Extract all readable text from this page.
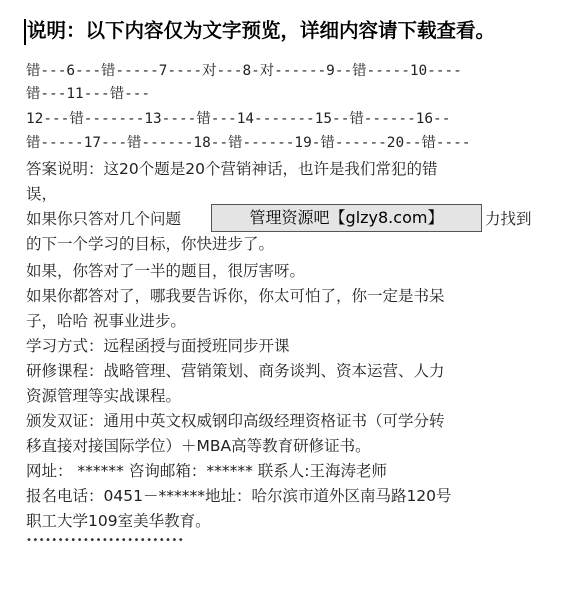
说明：以下内容仅为文字预览，详细内容请下载查看。
错---6---错-----7----对---8-对------9--错-----10----
错---11---错---
12---错-------13----错---14-------15--错------16--
错-----17---错------18--错------19-错------20--错----
答案说明：这20个题是20个营销神话，也许是我们常犯的错
误，
如果你只答对几个问题	力找到
管理资源吧【glzy8.com】
的下一个学习的目标，你快进步了。
如果，你答对了一半的题目，很厉害呀。
如果你都答对了，哪我要告诉你，你太可怕了，你一定是书呆
子，哈哈 祝事业进步。
学习方式：远程函授与面授班同步开课
研修课程：战略管理、营销策划、商务谈判、资本运营、人力
资源管理等实战课程。
颁发双证：通用中英文权威钢印高级经理资格证书（可学分转
移直接对接国际学位）＋MBA高等教育研修证书。
网址： ****** 咨询邮箱：****** 联系人:王海涛老师
报名电话：0451－******地址：哈尔滨市道外区南马路120号
职工大学109室美华教育。
•••••••••••••••••••••••••
